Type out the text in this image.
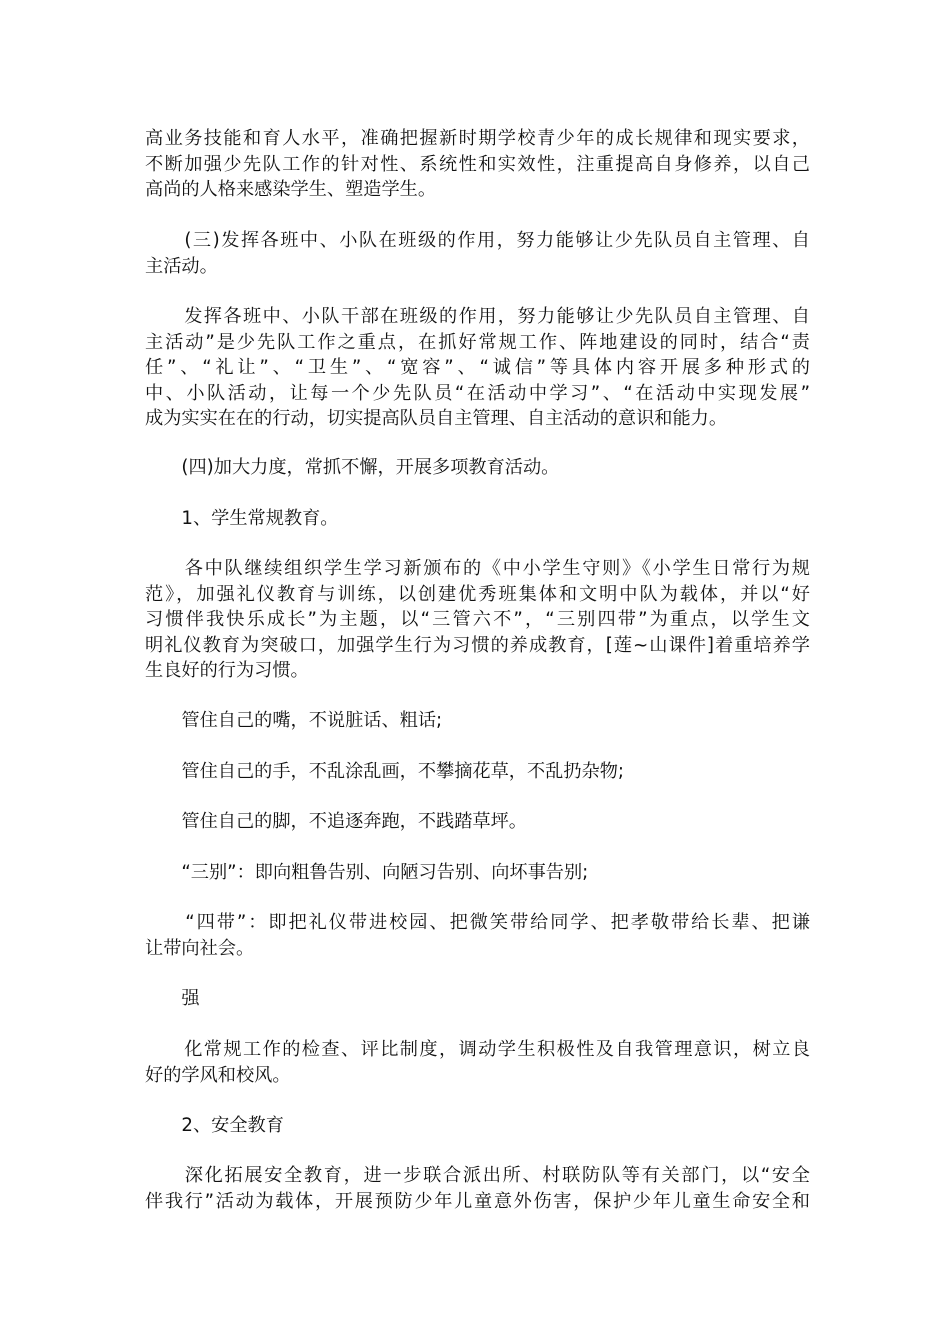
高业务技能和育人水平，准确把握新时期学校青少年的成长规律和现实要求，
不断加强少先队工作的针对性、系统性和实效性，注重提高自身修养，以自己
高尚的人格来感染学生、塑造学生。
　　(三)发挥各班中、小队在班级的作用，努力能够让少先队员自主管理、自
主活动。
　　发挥各班中、小队干部在班级的作用，努力能够让少先队员自主管理、自
主活动”是少先队工作之重点，在抓好常规工作、阵地建设的同时，结合“责
任”、“礼让”、“卫生”、“宽容”、“诚信”等具体内容开展多种形式的
中、小队活动，让每一个少先队员“在活动中学习”、“在活动中实现发展”
成为实实在在的行动，切实提高队员自主管理、自主活动的意识和能力。
　　(四)加大力度，常抓不懈，开展多项教育活动。
　　1、学生常规教育。
　　各中队继续组织学生学习新颁布的《中小学生守则》《小学生日常行为规
范》，加强礼仪教育与训练，以创建优秀班集体和文明中队为载体，并以“好
习惯伴我快乐成长”为主题，以“三管六不”，“三别四带”为重点，以学生文
明礼仪教育为突破口，加强学生行为习惯的养成教育，[莲~山课件]着重培养学
生良好的行为习惯。
　　管住自己的嘴，不说脏话、粗话;
　　管住自己的手，不乱涂乱画，不攀摘花草，不乱扔杂物;
　　管住自己的脚，不追逐奔跑，不践踏草坪。
　　“三别”：即向粗鲁告别、向陋习告别、向坏事告别;
　　“四带”：即把礼仪带进校园、把微笑带给同学、把孝敬带给长辈、把谦
让带向社会。
　　强
　　化常规工作的检查、评比制度，调动学生积极性及自我管理意识，树立良
好的学风和校风。
　　2、安全教育
　　深化拓展安全教育，进一步联合派出所、村联防队等有关部门，以“安全
伴我行”活动为载体，开展预防少年儿童意外伤害，保护少年儿童生命安全和
